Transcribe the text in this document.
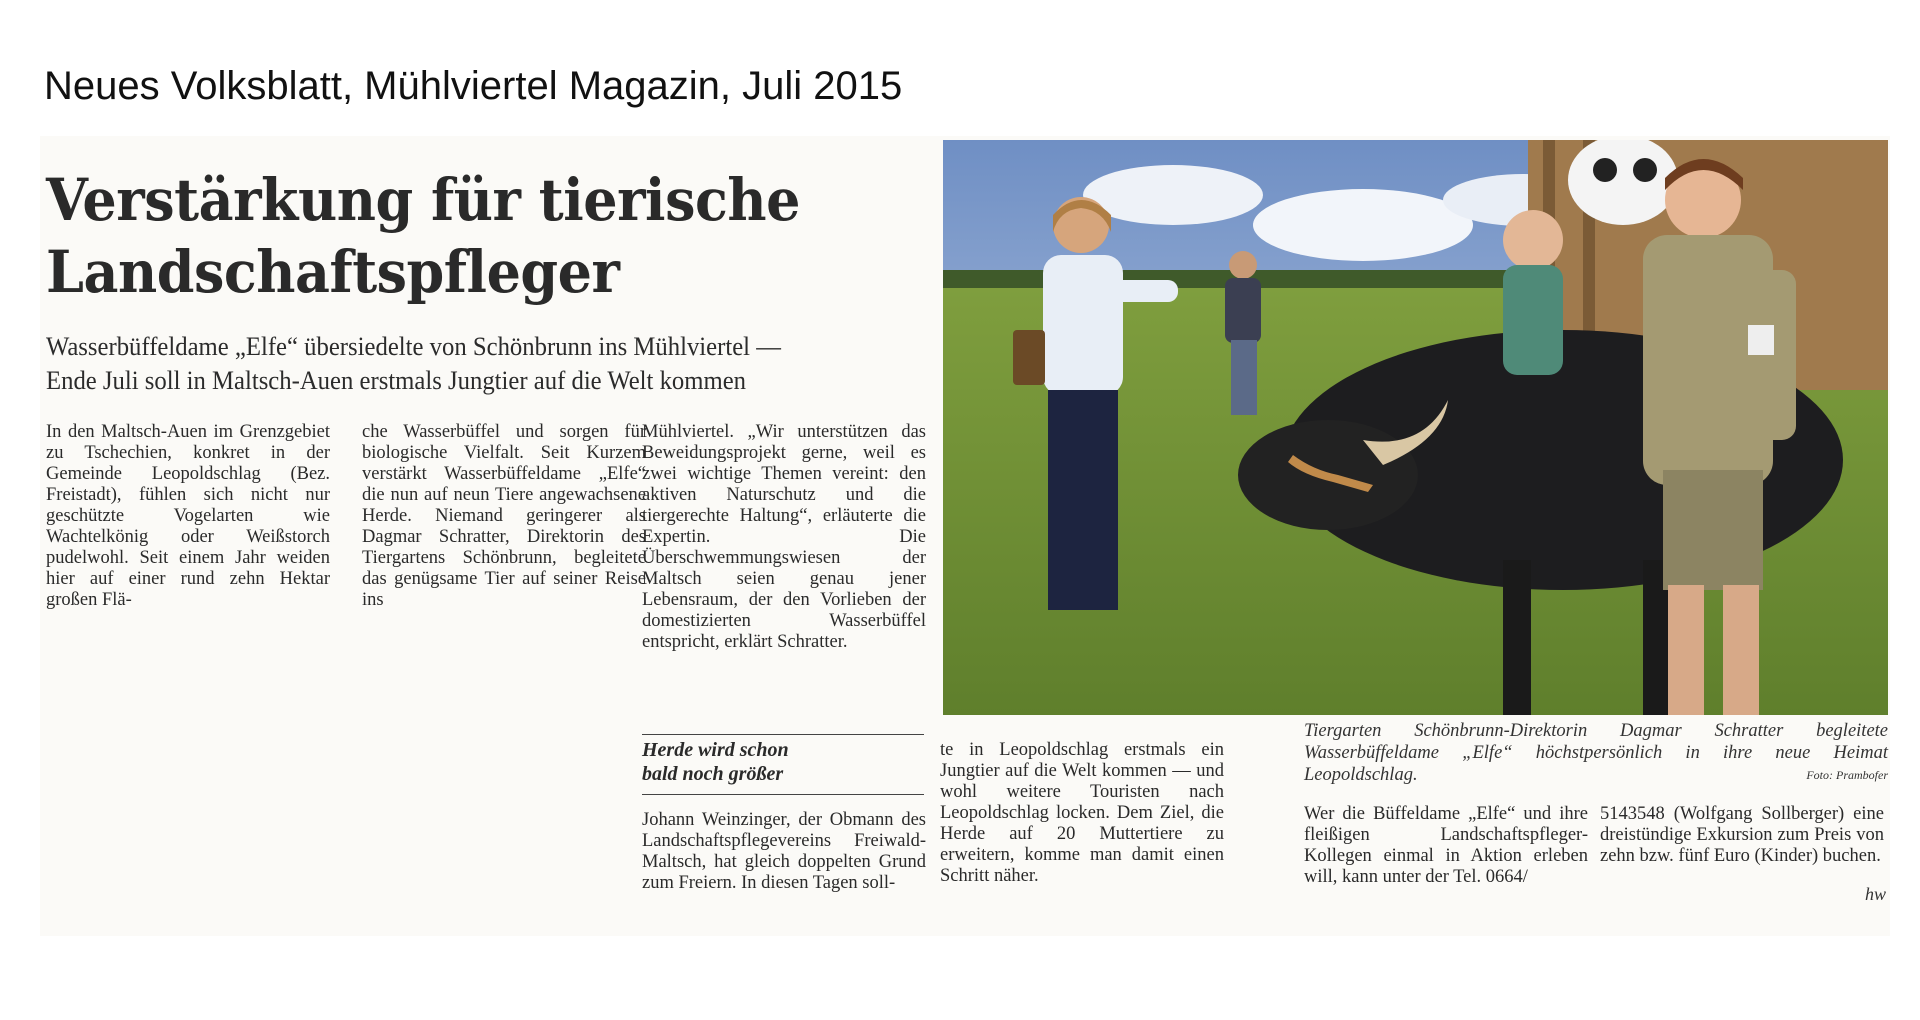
Neues Volksblatt, Mühlviertel Magazin, Juli 2015
Verstärkung für tierische
Landschaftspfleger
Wasserbüffeldame „Elfe“ übersiedelte von Schönbrunn ins Mühlviertel —
Ende Juli soll in Maltsch-Auen erstmals Jungtier auf die Welt kommen
In den Maltsch-Auen im Grenzgebiet zu Tschechien, konkret in der Gemeinde Leopoldschlag (Bez. Freistadt), fühlen sich nicht nur geschützte Vogelarten wie Wachtelkönig oder Weißstorch pudelwohl. Seit einem Jahr weiden hier auf einer rund zehn Hektar großen Flä-
che Wasserbüffel und sorgen für biologische Vielfalt. Seit Kurzem verstärkt Wasserbüffeldame „Elfe“ die nun auf neun Tiere angewachsene Herde. Niemand geringerer als Dagmar Schratter, Direktorin des Tiergartens Schönbrunn, begleitete das genügsame Tier auf seiner Reise ins
Mühlviertel. „Wir unterstützen das Beweidungsprojekt gerne, weil es zwei wichtige Themen vereint: den aktiven Naturschutz und die tiergerechte Haltung“, erläuterte die Expertin. Die Überschwemmungswiesen der Maltsch seien genau jener Lebensraum, der den Vorlieben der domestizierten Wasserbüffel entspricht, erklärt Schratter.
Herde wird schon
bald noch größer
Johann Weinzinger, der Obmann des Landschaftspflegevereins Freiwald-Maltsch, hat gleich doppelten Grund zum Freiern. In diesen Tagen soll-
te in Leopoldschlag erstmals ein Jungtier auf die Welt kommen — und wohl weitere Touristen nach Leopoldschlag locken. Dem Ziel, die Herde auf 20 Muttertiere zu erweitern, komme man damit einen Schritt näher.
Tiergarten Schönbrunn-Direktorin Dagmar Schratter begleitete Wasserbüffeldame „Elfe“ höchstpersönlich in ihre neue Heimat Leopoldschlag.	Foto: Prambofer
Wer die Büffeldame „Elfe“ und ihre fleißigen Landschaftspfleger-Kollegen einmal in Aktion erleben will, kann unter der Tel. 0664/
5143548 (Wolfgang Sollberger) eine dreistündige Exkursion zum Preis von zehn bzw. fünf Euro (Kinder) buchen.
hw
